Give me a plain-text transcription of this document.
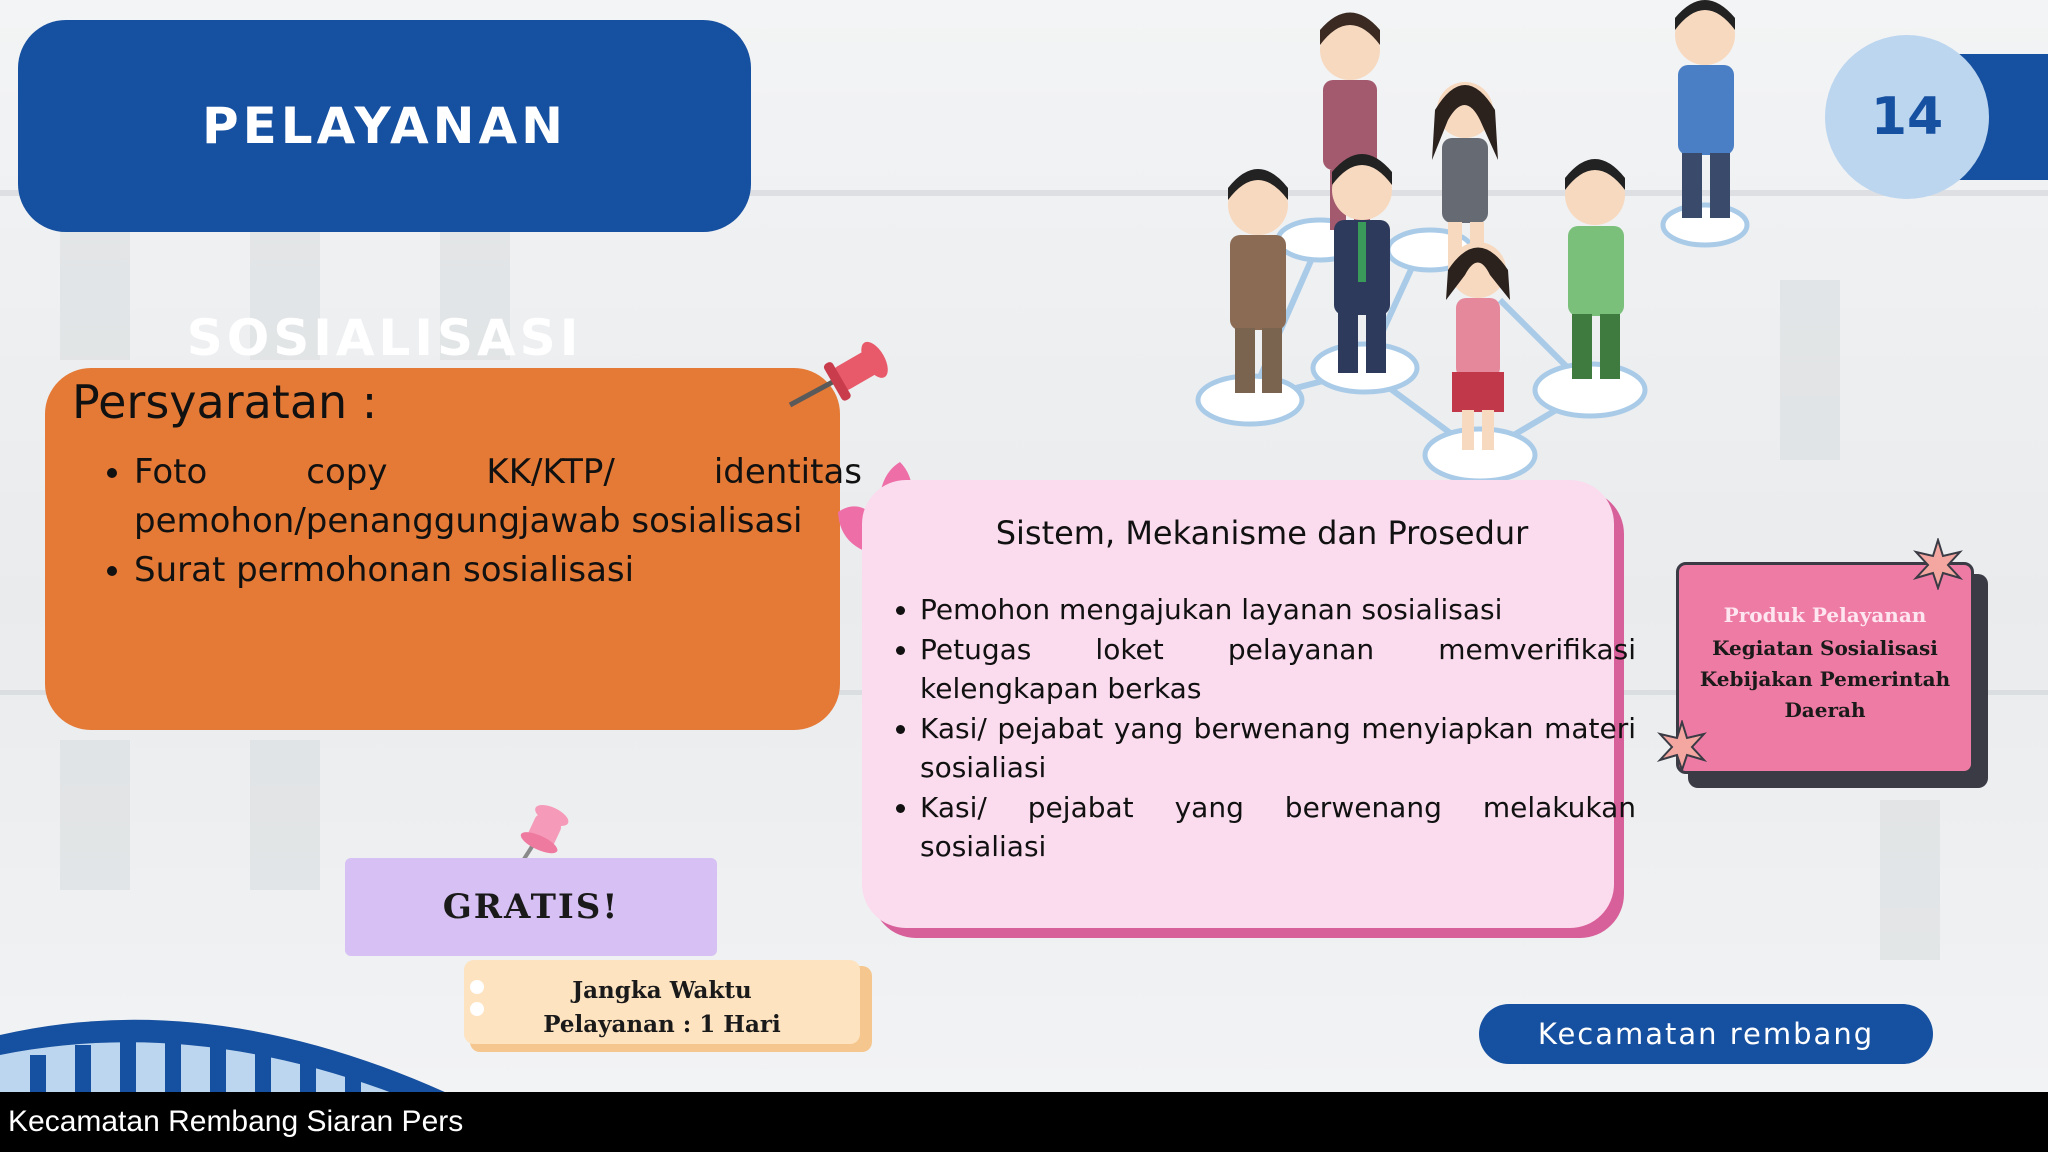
PELAYANAN SOSIALISASI
14
Persyaratan :
• Foto copy KK/KTP/ identitas pemohon/penanggungjawab sosialisasi
• Surat permohonan sosialisasi
Sistem, Mekanisme dan Prosedur
• Pemohon mengajukan layanan sosialisasi
• Petugas loket pelayanan memverifikasi kelengkapan berkas
• Kasi/ pejabat yang berwenang menyiapkan materi sosialiasi
• Kasi/ pejabat yang berwenang melakukan sosialiasi
Produk Pelayanan
Kegiatan Sosialisasi
Kebijakan Pemerintah
Daerah
GRATIS!
Jangka Waktu
Pelayanan : 1 Hari	Kecamatan rembang
Kecamatan Rembang Siaran Pers
